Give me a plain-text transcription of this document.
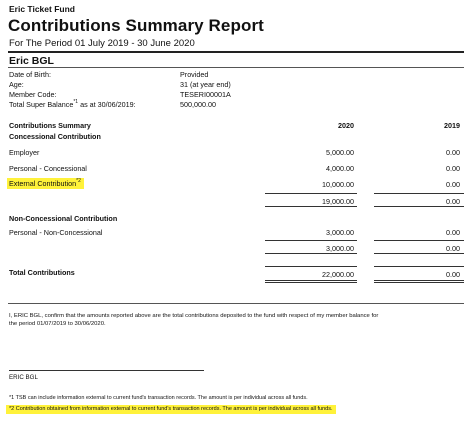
Eric Ticket Fund
Contributions Summary Report
For The Period 01 July 2019 - 30 June 2020
Eric BGL
Date of Birth:	Provided
Age:	31 (at year end)
Member Code:	TESERI00001A
Total Super Balance$^{*1}$ as at 30/06/2019:	500,000.00
Contributions Summary	2020	2019
Concessional Contribution
Employer	5,000.00	0.00
Personal - Concessional	4,000.00	0.00
External Contribution$^{*2}$	10,000.00	0.00
19,000.00	0.00
Non-Concessional Contribution
Personal - Non-Concessional	3,000.00	0.00
3,000.00	0.00
Total Contributions	22,000.00	0.00
I, ERIC BGL, confirm that the amounts reported above are the total contributions deposited to the fund with respect of my member balance for
the period 01/07/2019 to 30/06/2020.
ERIC BGL
*1 TSB can include information external to current fund's transaction records. The amount is per individual across all funds.
*2 Contribution obtained from information external to current fund's transaction records. The amount is per individual across all funds.
